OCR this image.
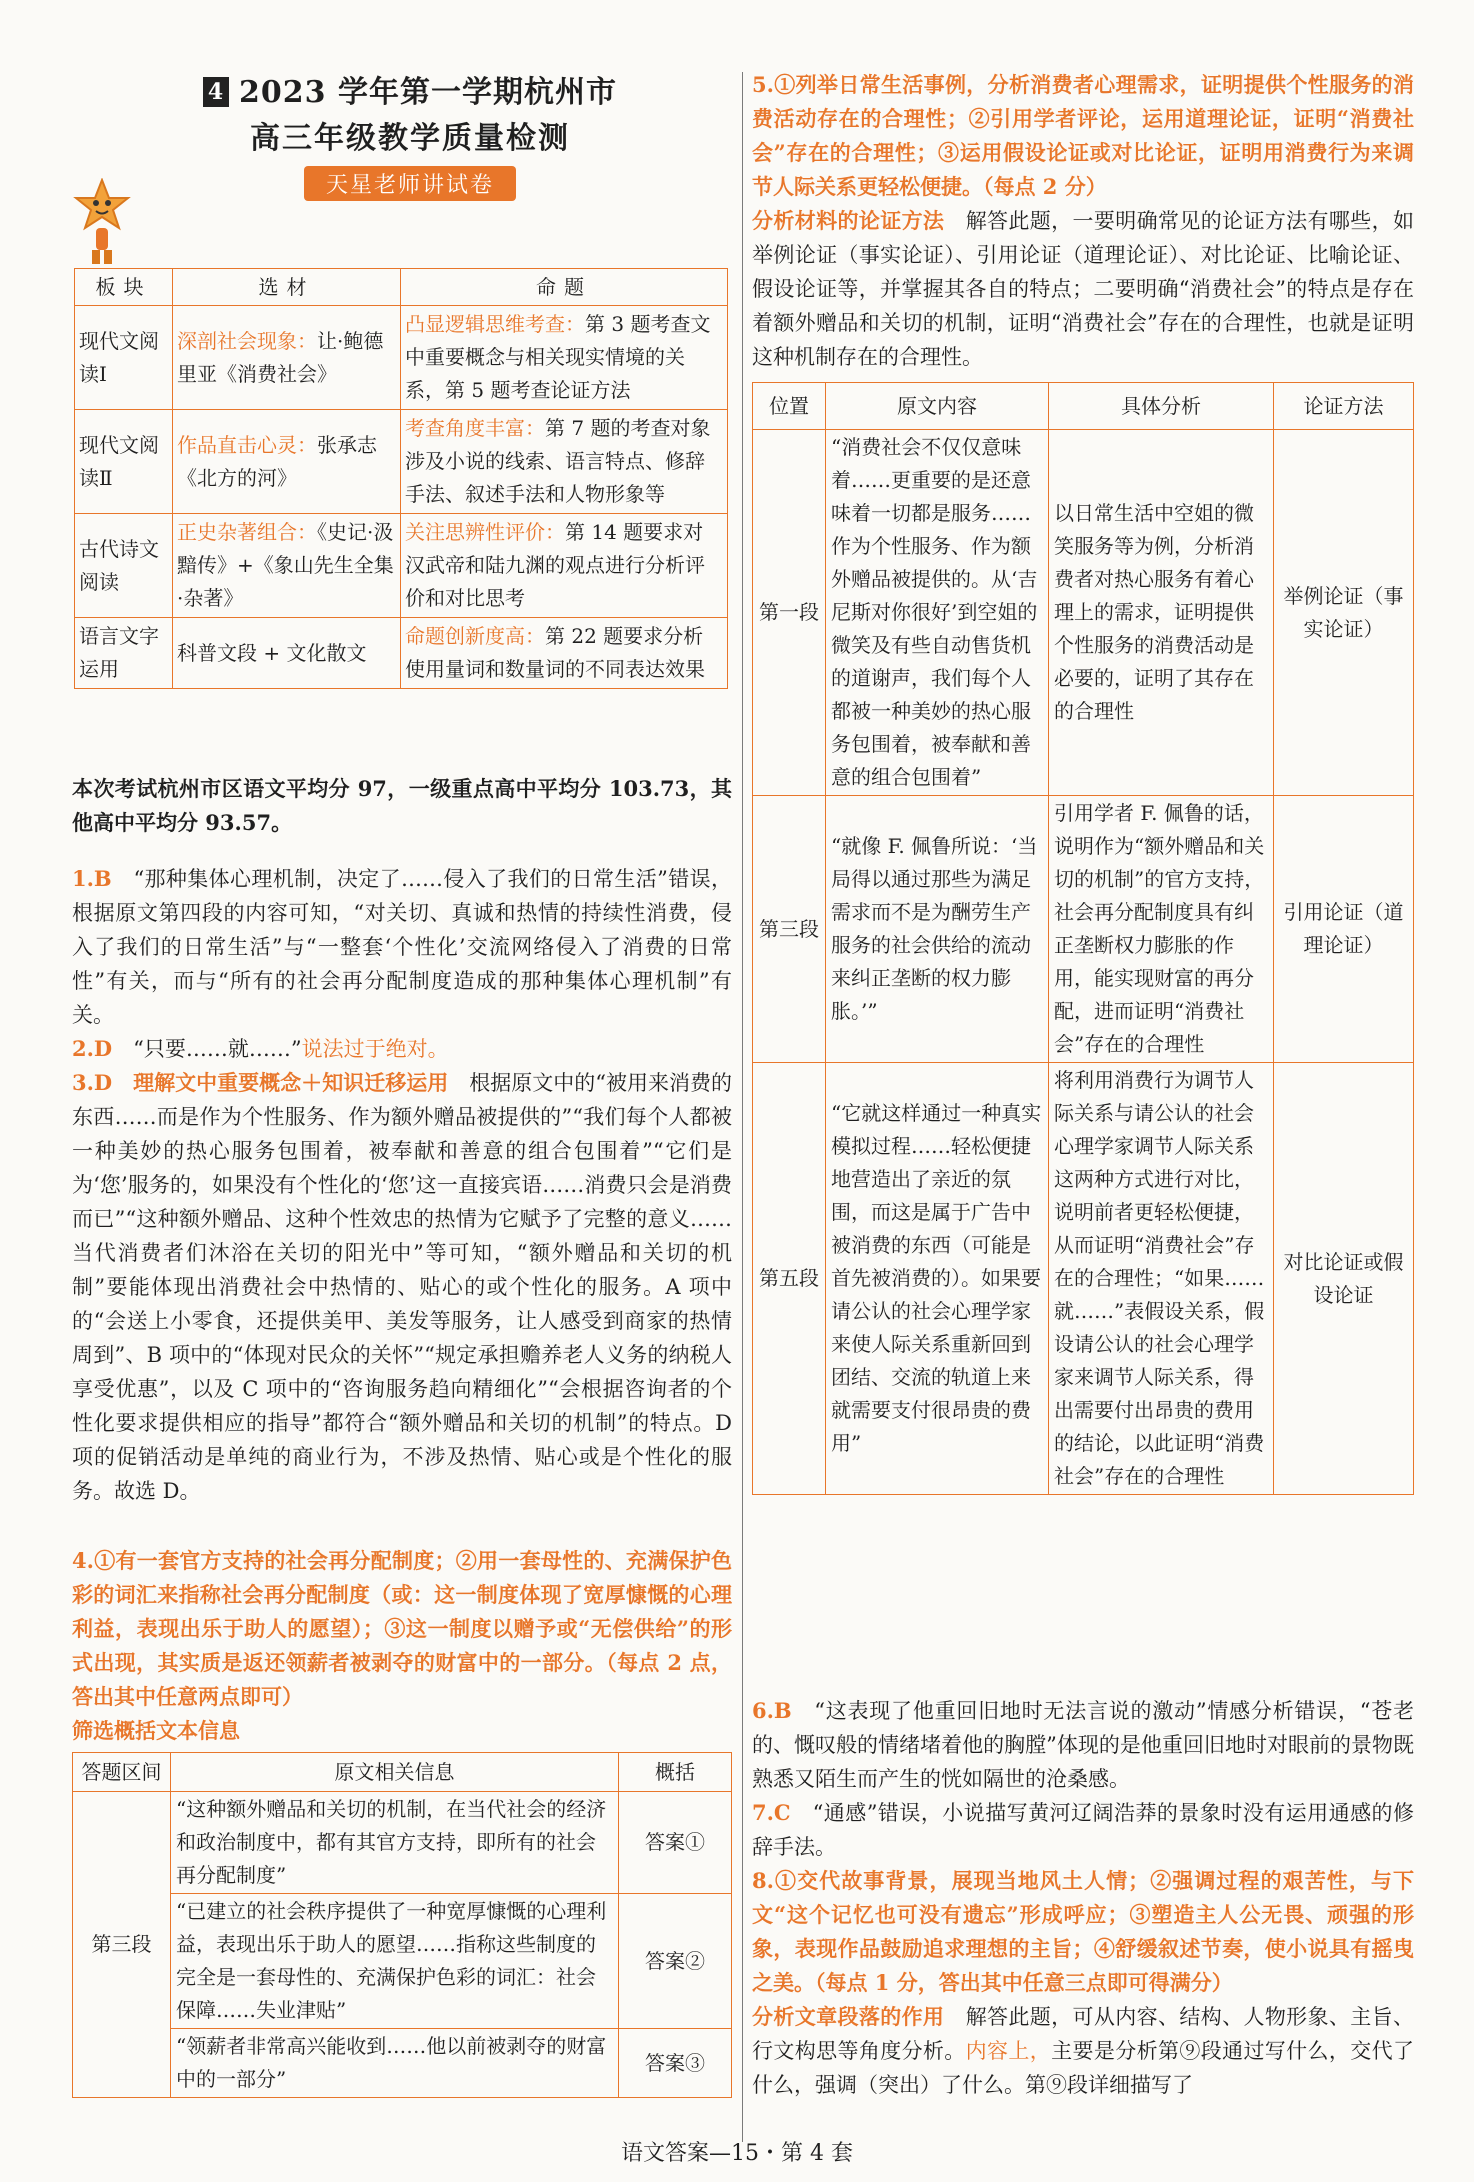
4 2023 学年第一学期杭州市
高三年级教学质量检测
天星老师讲试卷
板块	选材	命题
现代文阅读Ⅰ	深剖社会现象：让·鲍德里亚《消费社会》	凸显逻辑思维考查：第 3 题考查文中重要概念与相关现实情境的关系，第 5 题考查论证方法
现代文阅读Ⅱ	作品直击心灵：张承志《北方的河》	考查角度丰富：第 7 题的考查对象涉及小说的线索、语言特点、修辞手法、叙述手法和人物形象等
古代诗文阅读	正史杂著组合：《史记·汲黯传》+《象山先生全集·杂著》	关注思辨性评价：第 14 题要求对汉武帝和陆九渊的观点进行分析评价和对比思考
语言文字运用	科普文段 + 文化散文	命题创新度高：第 22 题要求分析使用量词和数量词的不同表达效果
本次考试杭州市区语文平均分 97，一级重点高中平均分 103.73，其他高中平均分 93.57。
1.B　 “那种集体心理机制，决定了……侵入了我们的日常生活”错误，根据原文第四段的内容可知，“对关切、真诚和热情的持续性消费，侵入了我们的日常生活”与“一整套‘个性化’交流网络侵入了消费的日常性”有关，而与“所有的社会再分配制度造成的那种集体心理机制”有关。
2.D　 “只要……就……”说法过于绝对。
3.D　 理解文中重要概念＋知识迁移运用　 根据原文中的“被用来消费的东西……而是作为个性服务、作为额外赠品被提供的”“我们每个人都被一种美妙的热心服务包围着，被奉献和善意的组合包围着”“它们是为‘您’服务的，如果没有个性化的‘您’这一直接宾语……消费只会是消费而已”“这种额外赠品、这种个性效忠的热情为它赋予了完整的意义……当代消费者们沐浴在关切的阳光中”等可知，“额外赠品和关切的机制”要能体现出消费社会中热情的、贴心的或个性化的服务。A 项中的“会送上小零食，还提供美甲、美发等服务，让人感受到商家的热情周到”、B 项中的“体现对民众的关怀”“规定承担赡养老人义务的纳税人享受优惠”，以及 C 项中的“咨询服务趋向精细化”“会根据咨询者的个性化要求提供相应的指导”都符合“额外赠品和关切的机制”的特点。D 项的促销活动是单纯的商业行为，不涉及热情、贴心或是个性化的服务。故选 D。
4.①有一套官方支持的社会再分配制度；②用一套母性的、充满保护色彩的词汇来指称社会再分配制度（或：这一制度体现了宽厚慷慨的心理利益，表现出乐于助人的愿望）；③这一制度以赠予或“无偿供给”的形式出现，其实质是返还领薪者被剥夺的财富中的一部分。（每点 2 点，答出其中任意两点即可）
筛选概括文本信息
答题区间	原文相关信息	概括
第三段	“这种额外赠品和关切的机制，在当代社会的经济和政治制度中，都有其官方支持，即所有的社会再分配制度”	答案①
	“已建立的社会秩序提供了一种宽厚慷慨的心理利益，表现出乐于助人的愿望……指称这些制度的完全是一套母性的、充满保护色彩的词汇：社会保障……失业津贴”	答案②
	“领薪者非常高兴能收到……他以前被剥夺的财富中的一部分”	答案③
5.①列举日常生活事例，分析消费者心理需求，证明提供个性服务的消费活动存在的合理性；②引用学者评论，运用道理论证，证明“消费社会”存在的合理性；③运用假设论证或对比论证，证明用消费行为来调节人际关系更轻松便捷。（每点 2 分）
分析材料的论证方法　 解答此题，一要明确常见的论证方法有哪些，如举例论证（事实论证）、引用论证（道理论证）、对比论证、比喻论证、假设论证等，并掌握其各自的特点；二要明确“消费社会”的特点是存在着额外赠品和关切的机制，证明“消费社会”存在的合理性，也就是证明这种机制存在的合理性。
位置	原文内容	具体分析	论证方法
第一段	“消费社会不仅仅意味着……更重要的是还意味着一切都是服务……作为个性服务、作为额外赠品被提供的。从‘吉尼斯对你很好’到空姐的微笑及有些自动售货机的道谢声，我们每个人都被一种美妙的热心服务包围着，被奉献和善意的组合包围着”	以日常生活中空姐的微笑服务等为例，分析消费者对热心服务有着心理上的需求，证明提供个性服务的消费活动是必要的，证明了其存在的合理性	举例论证（事实论证）
第三段	“就像 F. 佩鲁所说：‘当局得以通过那些为满足需求而不是为酬劳生产服务的社会供给的流动来纠正垄断的权力膨胀。’”	引用学者 F. 佩鲁的话，说明作为“额外赠品和关切的机制”的官方支持，社会再分配制度具有纠正垄断权力膨胀的作用，能实现财富的再分配，进而证明“消费社会”存在的合理性	引用论证（道理论证）
第五段	“它就这样通过一种真实模拟过程……轻松便捷地营造出了亲近的氛围，而这是属于广告中被消费的东西（可能是首先被消费的）。如果要请公认的社会心理学家来使人际关系重新回到团结、交流的轨道上来就需要支付很昂贵的费用”	将利用消费行为调节人际关系与请公认的社会心理学家调节人际关系这两种方式进行对比，说明前者更轻松便捷，从而证明“消费社会”存在的合理性；“如果……就……”表假设关系，假设请公认的社会心理学家来调节人际关系，得出需要付出昂贵的费用的结论，以此证明“消费社会”存在的合理性	对比论证或假设论证
6.B　 “这表现了他重回旧地时无法言说的激动”情感分析错误，“苍老的、慨叹般的情绪堵着他的胸膛”体现的是他重回旧地时对眼前的景物既熟悉又陌生而产生的恍如隔世的沧桑感。
7.C　 “通感”错误，小说描写黄河辽阔浩莽的景象时没有运用通感的修辞手法。
8.①交代故事背景，展现当地风土人情；②强调过程的艰苦性，与下文“这个记忆也可没有遗忘”形成呼应；③塑造主人公无畏、顽强的形象，表现作品鼓励追求理想的主旨；④舒缓叙述节奏，使小说具有摇曳之美。（每点 1 分，答出其中任意三点即可得满分）
分析文章段落的作用　 解答此题，可从内容、结构、人物形象、主旨、行文构思等角度分析。内容上，主要是分析第⑨段通过写什么，交代了什么，强调（突出）了什么。第⑨段详细描写了
语文答案—15・第 4 套
